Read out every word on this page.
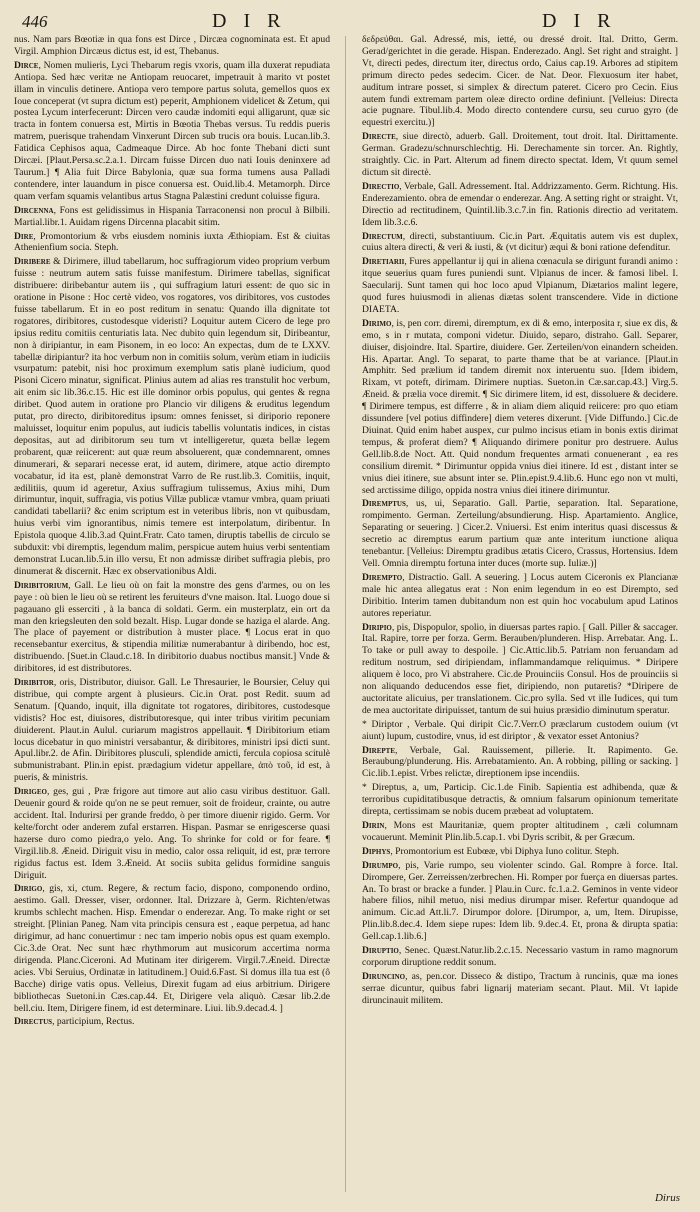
446	D I R	D I R

nus. Nam pars Bœotiæ in qua fons est Dirce , Dircæa cognominata est. Et apud Virgil. Amphion Dircæus dictus est, id est, Thebanus.

Dirce, Nomen mulieris, Lyci Thebarum regis vxoris, quam illa duxerat repudiata Antiopa. Sed hæc veritæ ne Antiopam reuocaret, impetrauit à marito vt postet illam in vinculis detinere. Antiopa vero tempore partus soluta, gemellos quos ex Ioue conceperat (vt supra dictum est) peperit, Amphionem videlicet & Zetum, qui postea Lycum interfecerunt: Dircen vero caudæ indomiti equi alligarunt, quæ sic tracta in fontem conuersa est, Mirtis in Bœotia Thebas versus. Tu reddis pueris matrem, puerisque trahendam Vinxerunt Dircen sub trucis ora bouis. Lucan.lib.3. Fatidica Cephisos aqua, Cadmeaque Dirce. Ab hoc fonte Thebani dicti sunt Dircæi. [Plaut.Persa.sc.2.a.1. Dircam fuisse Dircen duo nati Iouis deninxere ad Taurum.] ¶ Alia fuit Dirce Babylonia, quæ sua forma tumens ausa Palladi contendere, inter lauandum in pisce conuersa est. Ouid.lib.4. Metamorph. Dirce quam verfam squamis velantibus artus Stagna Palæstini credunt coluisse figura.

Dircenna, Fons est gelidissimus in Hispania Tarraconensi non procul à Bilbili. Martial.libr.1. Auidam rigens Dircenna placabit sitim.

Dire, Promontorium & vrbs eiusdem nominis iuxta Æthiopiam. Est & ciuitas Athenienfium socia. Steph.

Diribere & Dirimere, illud tabellarum, hoc suffragiorum video proprium verbum fuisse : neutrum autem satis fuisse manifestum. Dirimere tabellas, significat distribuere: diribebantur autem iis , qui suffragium laturi essent: de quo sic in oratione in Pisone : Hoc certè video, vos rogatores, vos diribitores, vos custodes fuisse tabellarum. Et in eo post reditum in senatu: Quando illa dignitate tot rogatores, diribitores, custodesque videristi? Loquitur autem Cicero de lege pro ipsius reditu comitiis centuriatis lata. Nec dubito quin legendum sit, Diribeantur, non à diripiantur, in eam Pisonem, in eo loco: An expectas, dum de te LXXV. tabellæ diripiantur? ita hoc verbum non in comitiis solum, verùm etiam in iudiciis vsurpatum: patebit, nisi hoc proximum exemplum satis planè iudicium, quod Pisoni Cicero minatur, significat. Plinius autem ad alias res transtulit hoc verbum, ait enim sic lib.36.c.15. Hic est ille dominor orbis populus, qui gentes & regna diribet. Quod autem in oratione pro Plancio vir diligens & eruditus legendum putat, pro directo, diribitoreditus ipsum: omnes fenisset, si diriporio reponere maluisset, loquitur enim populus, aut iudicis tabellis voluntatis indices, in cistas depositas, aut ad diribitorum seu tum vt intelligeretur, quæta bellæ legem probarent, quæ reiicerent: aut quæ reum absoluerent, quæ condemnarent, omnes dinumerari, & separari necesse erat, id autem, dirimere, atque actio dirempto vocabatur, id ita est, planè demonstrat Varro de Re rust.lib.3. Comitiis, inquit, ædilitiis, quum id ageretur, Axius suffragium tulissemus, Axius mihi, Dum dirimuntur, inquit, suffragia, vis potius Villæ publicæ vtamur vmbra, quam priuati candidati tabellarii? &c enim scriptum est in veteribus libris, non vt quibusdam, huius verbi vim ignorantibus, nimis temere est interpolatum, diribentur. In Epistola quoque 4.lib.3.ad Quint.Fratr. Cato tamen, diruptis tabellis de circulo se subduxit: vbi diremptis, legendum malim, perspicue autem huius verbi sententiam demonstrat Lucan.lib.5.in illo versu, Et non admissæ diribet suffragia plebis, pro dinumerat & discernit. Hæc ex observationibus Aldi.

Diribitorium, Gall. Le lieu où on fait la monstre des gens d'armes, ou on les paye : où bien le lieu où se retirent les feruiteurs d'vne maison. Ital. Luogo doue si pagauano gli esserciti , à la banca di soldati. Germ. ein musterplatz, ein ort da man den kriegsleuten den sold bezalt. Hisp. Lugar donde se haziga el alarde. Ang. The place of payement or distribution à muster place. ¶ Locus erat in quo recensebantur exercitus, & stipendia militiæ numerabantur à diribendo, hoc est, distribuendo. [Suet.in Claud.c.18. In diribitorio duabus noctibus mansit.] Vnde & diribitores, id est distributores.

Diribitor, oris, Distributor, diuisor. Gall. Le Thresaurier, le Boursier, Celuy qui distribue, qui compte argent à plusieurs. Cic.in Orat. post Redit. suum ad Senatum. [Quando, inquit, illa dignitate tot rogatores, diribitores, custodesque vidistis? Hoc est, diuisores, distributoresque, qui inter tribus viritim pecuniam diuiderent. Plaut.in Aulul. curiarum magistros appellauit. ¶ Diribitorium etiam locus dicebatur in quo ministri versabantur, & diribitores, ministri ipsi dicti sunt. Apul.libr.2. de Afin. Diribitores plusculi, splendide amicti, fercula copiosa scitulè submunistrabant. Plin.in epist. prædagium videtur appellare, ἀπὸ τοῦ, id est, à pueris, & ministris.

Dirigeo, ges, gui , Præ frigore aut timore aut alio casu viribus destituor. Gall. Deuenir gourd & roide qu'on ne se peut remuer, soit de froideur, crainte, ou autre accident. Ital. Indurirsi per grande freddo, ò per timore diuenir rigido. Germ. Vor kelte/forcht oder anderem zufal erstarren. Hispan. Pasmar se enrigescerse quasi hazerse duro como piedra,o yelo. Ang. To shrinke for cold or for feare. ¶ Virgil.lib.8. Æneid. Diriguit visu in medio, calor ossa reliquit, id est, præ terrore rigidus factus est. Idem 3.Æneid. At sociis subita gelidus formidine sanguis Diriguit.

Dirigo, gis, xi, ctum. Regere, & rectum facio, dispono, componendo ordino, aestimo. Gall. Dresser, viser, ordonner. Ital. Drizzare à, Germ. Richten/etwas krumbs schlecht machen. Hisp. Emendar o enderezar. Ang. To make right or set streight. [Plinian Paneg. Nam vita principis censura est , eaque perpetua, ad hanc dirigimur, ad hanc conuertimur : nec tam imperio nobis opus est quam exemplo. Cic.3.de Orat. Nec sunt hæc rhythmorum aut musicorum accertima norma dirigenda. Planc.Ciceroni. Ad Mutinam iter dirigerem. Virgil.7.Æneid. Directæ acies. Vbi Seruius, Ordinatæ in latitudinem.] Ouid.6.Fast. Si domus illa tua est (ô Bacche) dirige vatis opus. Velleius, Direxit fugam ad eius arbitrium. Dirigere bibliothecas Suetoni.in Cæs.cap.44. Et, Dirigere vela aliquò. Cæsar lib.2.de bell.ciu. Item, Dirigere finem, id est determinare. Liui. lib.9.decad.4. ]

Directus, participium, Rectus.

δεδρεύθαι. Gal. Adressé, mis, ietté, ou dressé droit. Ital. Dritto, Germ. Gerad/gerichtet in die gerade. Hispan. Enderezado. Angl. Set right and straight. ] Vt, directi pedes, directum iter, directus ordo, Caius cap.19. Arbores ad stipitem primum directo pedes sedecim. Cicer. de Nat. Deor. Flexuosum iter habet, auditum intrare posset, si simplex & directum pateret. Cicero pro Cecin. Eius autem fundi extremam partem oleæ directo ordine definiunt. [Velleius: Directa acie pugnare. Tibul.lib.4. Modo directo contendere cursu, seu curuo gyro (de equestri exercitu.)]

Directe, siue directò, aduerb. Gall. Droitement, tout droit. Ital. Dirittamente. German. Gradezu/schnurschlechtig. Hi. Derechamente sin torcer. An. Rightly, straightly. Cic. in Part. Alterum ad finem directo spectat. Idem, Vt quum semel dictum sit directè.

Directio, Verbale, Gall. Adressement. Ital. Addrizzamento. Germ. Richtung. His. Enderezamiento. obra de emendar o enderezar. Ang. A setting right or straight. Vt, Directio ad rectitudinem, Quintil.lib.3.c.7.in fin. Rationis directio ad veritatem. Idem lib.3.c.6.

Directum, directi, substantiuum. Cic.in Part. Æquitatis autem vis est duplex, cuius altera directi, & veri & iusti, & (vt dicitur) æqui & boni ratione defenditur.

Diretiarii, Fures appellantur ij qui in aliena cœnacula se dirigunt furandi animo : itque seuerius quam fures puniendi sunt. Vlpianus de incer. & famosi libel. I. Saecularij. Sunt tamen qui hoc loco apud Vlpianum, Diætarios malint legere, quod fures huiusmodi in alienas diætas solent transcendere. Vide in dictione DIAETA.

Dirimo, is, pen corr. diremi, diremptum, ex di & emo, interposita r, siue ex dis, & emo, s in r mutata, componi videtur. Diuido, separo, distraho. Gall. Separer, diuiser, disjoindre. Ital. Spartire, diuidere. Ger. Zerteilen/von einandern scheiden. His. Apartar. Angl. To separat, to parte thame that be at variance. [Plaut.in Amphitr. Sed prælium id tandem diremit nox interuentu suo. [Idem ibidem, Rixam, vt poteft, dirimam. Dirimere nuptias. Sueton.in Cæ.sar.cap.43.] Virg.5. Æneid. & prælia voce diremit. ¶ Sic dirimere litem, id est, dissoluere & decidere. ¶ Dirimere tempus, est differre , & in aliam diem aliquid reiicere: pro quo etiam dissundere [vel potius diffindere] diem veteres dixerunt. [Vide Diffundo.] Cic.de Diuinat. Quid enim habet auspex, cur pulmo incisus etiam in bonis extis dirimat tempus, & proferat diem? ¶ Aliquando dirimere ponitur pro destruere. Aulus Gell.lib.8.de Noct. Att. Quid nondum frequentes armati conuenerant , ea res consilium diremit. * Dirimuntur oppida vnius diei itinere. Id est , distant inter se vnius diei itinere, sue absunt inter se. Plin.epist.9.4.lib.6. Hunc ego non vt multi, sed arctissime diligo, oppida nostra vnius diei itinere dirimuntur.

Diremptus, us, ui, Separatio. Gall. Partie, separation. Ital. Separatione, rompimento. German. Zerteilung/absundierung. Hisp. Apartamiento. Anglice, Separating or seuering. ] Cicer.2. Vniuersi. Est enim interitus quasi discessus & secretio ac diremptus earum partium quæ ante interitum iunctione aliqua tenebantur. [Velleius: Diremptu gradibus ætatis Cicero, Crassus, Hortensius. Idem Vell. Omnia diremptu fortuna inter duces (morte sup. Iuliæ.)]

Dirempto, Distractio. Gall. A seuering. ] Locus autem Ciceronis ex Plancianæ male hic antea allegatus erat : Non enim legendum in eo est Dirempto, sed Diribitio. Interim tamen dubitandum non est quin hoc vocabulum apud Latinos autores reperiatur.

Diripio, pis, Dispopulor, spolio, in diuersas partes rapio. [ Gall. Piller & saccager. Ital. Rapire, torre per forza. Germ. Berauben/plunderen. Hisp. Arrebatar. Ang. L. To take or pull away to despoile. ] Cic.Attic.lib.5. Patriam non feruandam ad reditum nostrum, sed diripiendam, inflammandamque reliquimus. * Diripere aliquem è loco, pro Vi abstrahere. Cic.de Prouinciis Consul. Hos de prouinciis si non aliquando deducendos esse fiet, diripiendo, non putaretis? *Diripere de auctoritate alicuius, per translationem. Cic.pro sylla. Sed vt ille Iudices, qui tum de mea auctoritate diripuisset, tantum de sui huius præsidio diminutum speratur.

* Diriptor , Verbale. Qui diripit Cic.7.Verr.O præclarum custodem ouium (vt aiunt) lupum, custodire, vnus, id est diriptor , & vexator esset Antonius?

Direpte, Verbale, Gal. Rauissement, pillerie. It. Rapimento. Ge. Beraubung/plunderung. His. Arrebatamiento. An. A robbing, pilling or sacking. ] Cic.lib.1.epist. Vrbes relictæ, direptionem ipse incendiis.

* Direptus, a, um, Particip. Cic.1.de Finib. Sapientia est adhibenda, quæ & terroribus cupiditatibusque detractis, & omnium falsarum opinionum temeritate direpta, certissimam se nobis ducem præbeat ad voluptatem.

Dirin, Mons est Mauritaniæ, quem propter altitudinem , cæli columnam vocauerunt. Meminit Plin.lib.5.cap.1. vbi Dyris scribit, & per Græcum.

Diphys, Promontorium est Eubœæ, vbi Diphya Iuno colitur. Steph.

Dirumpo, pis, Varie rumpo, seu violenter scindo. Gal. Rompre à force. Ital. Dirompere, Ger. Zerreissen/zerbrechen. Hi. Romper por fuerça en diuersas partes. An. To brast or bracke a funder. ] Plau.in Curc. fc.1.a.2. Geminos in vente videor habere filios, nihil metuo, nisi medius dirumpar miser. Refertur quandoque ad animum. Cic.ad Att.li.7. Dirumpor dolore. [Dirumpor, a, um, Item. Dirupisse, Plin.lib.8.dec.4. Idem siepe rupes: Idem lib. 9.dec.4. Et, prona & dirupta spatia: Gell.cap.1.lib.6.]

Diruptio, Senec. Quæst.Natur.lib.2.c.15. Necessario vastum in ramo magnorum corporum diruptione reddit sonum.

Diruncino, as, pen.cor. Disseco & distipo, Tractum à runcinis, quæ ma iones serrae dicuntur, quibus fabri lignarij materiam secant. Plaut. Mil. Vt lapide diruncinauit militem.

Dirus
